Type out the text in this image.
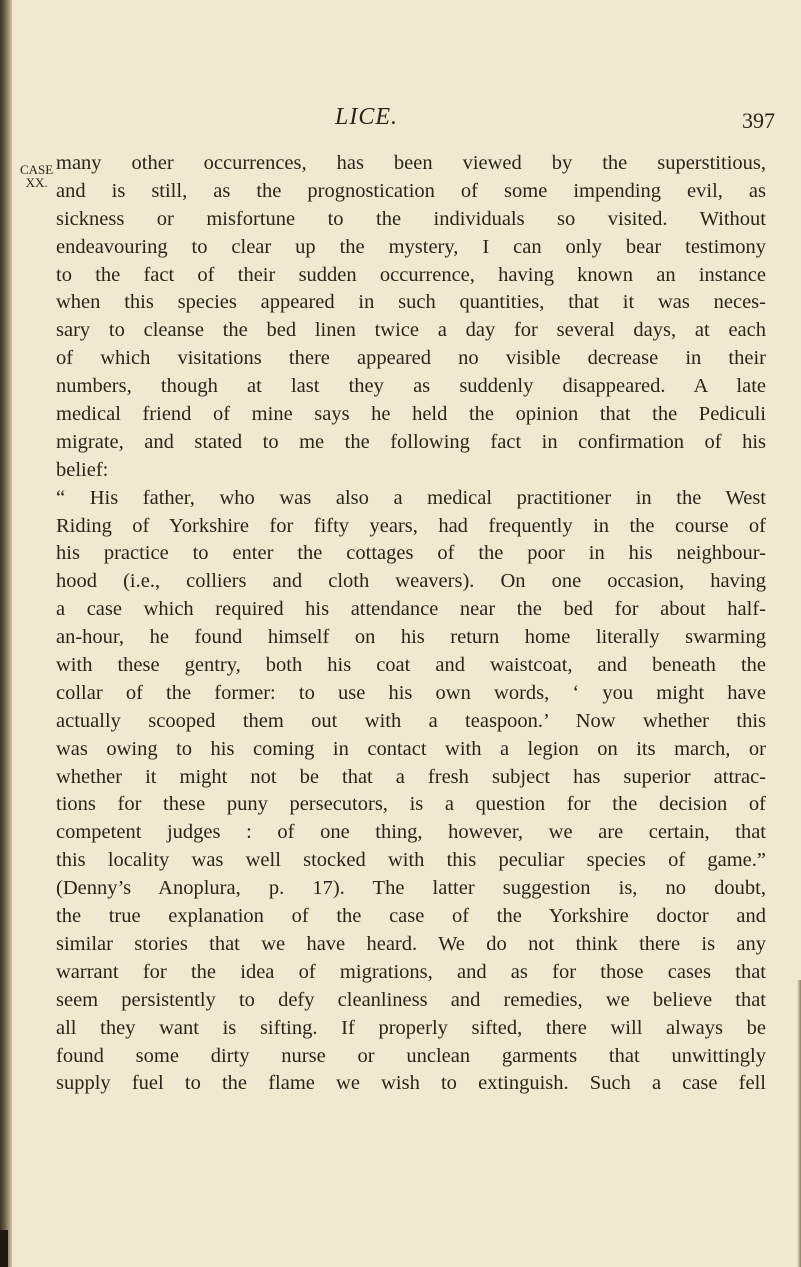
LICE.	397
CASE
XX.
many other occurrences, has been viewed by the superstitious,
and is still, as the prognostication of some impending evil, as
sickness or misfortune to the individuals so visited. Without
endeavouring to clear up the mystery, I can only bear testimony
to the fact of their sudden occurrence, having known an instance
when this species appeared in such quantities, that it was neces-
sary to cleanse the bed linen twice a day for several days, at each
of which visitations there appeared no visible decrease in their
numbers, though at last they as suddenly disappeared. A late
medical friend of mine says he held the opinion that the Pediculi
migrate, and stated to me the following fact in confirmation of his
belief:
“ His father, who was also a medical practitioner in the West
Riding of Yorkshire for fifty years, had frequently in the course of
his practice to enter the cottages of the poor in his neighbour-
hood (i.e., colliers and cloth weavers). On one occasion, having
a case which required his attendance near the bed for about half-
an-hour, he found himself on his return home literally swarming
with these gentry, both his coat and waistcoat, and beneath the
collar of the former: to use his own words, ‘ you might have
actually scooped them out with a teaspoon.’ Now whether this
was owing to his coming in contact with a legion on its march, or
whether it might not be that a fresh subject has superior attrac-
tions for these puny persecutors, is a question for the decision of
competent judges : of one thing, however, we are certain, that
this locality was well stocked with this peculiar species of game.”
(Denny’s Anoplura, p. 17). The latter suggestion is, no doubt,
the true explanation of the case of the Yorkshire doctor and
similar stories that we have heard. We do not think there is any
warrant for the idea of migrations, and as for those cases that
seem persistently to defy cleanliness and remedies, we believe that
all they want is sifting. If properly sifted, there will always be
found some dirty nurse or unclean garments that unwittingly
supply fuel to the flame we wish to extinguish. Such a case fell
